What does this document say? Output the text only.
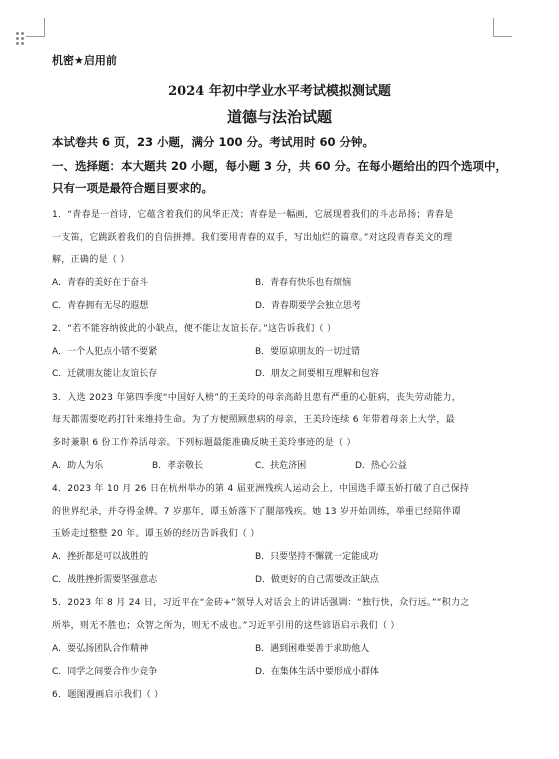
机密★启用前
2024 年初中学业水平考试模拟测试题
道德与法治试题
本试卷共 6 页，23 小题，满分 100 分。考试用时 60 分钟。
一、选择题：本大题共 20 小题，每小题 3 分，共 60 分。在每小题给出的四个选项中，
只有一项是最符合题目要求的。
1．“青春是一首诗，它蕴含着我们的风华正茂；青春是一幅画，它展现着我们的斗志昂扬；青春是
一支笛，它跳跃着我们的自信拼搏。我们要用青春的双手，写出灿烂的篇章。”对这段青春美文的理
解，正确的是（ ）
A．青春的美好在于奋斗	B．青春有快乐也有烦恼
C．青春拥有无尽的遐想	D．青春期要学会独立思考
2．“若不能容纳彼此的小缺点，便不能让友谊长存。”这告诉我们（ ）
A．一个人犯点小错不要紧	B．要原谅朋友的一切过错
C．迁就朋友能让友谊长存	D．朋友之间要相互理解和包容
3．入选 2023 年第四季度“中国好人榜”的王美玲的母亲高龄且患有严重的心脏病，丧失劳动能力，
每天都需要吃药打针来维持生命。为了方便照顾患病的母亲，王美玲连续 6 年带着母亲上大学，最
多时兼职 6 份工作养活母亲。下列标题最能准确反映王美玲事迹的是（ ）
A．助人为乐	B．孝亲敬长	C．扶危济困	D．热心公益
4．2023 年 10 月 26 日在杭州举办的第 4 届亚洲残疾人运动会上，中国选手谭玉娇打破了自己保持
的世界纪录，并夺得金牌。7 岁那年，谭玉娇落下了腿部残疾。她 13 岁开始训练，举重已经陪伴谭
玉娇走过整整 20 年。谭玉娇的经历告诉我们（ ）
A．挫折都是可以战胜的	B．只要坚持不懈就一定能成功
C．战胜挫折需要坚强意志	D．做更好的自己需要改正缺点
5．2023 年 8 月 24 日，习近平在“金砖+”领导人对话会上的讲话强调：“独行快，众行远。”“积力之
所举，则无不胜也；众智之所为，则无不成也。”习近平引用的这些谚语启示我们（ ）
A．要弘扬团队合作精神	B．遇到困难要善于求助他人
C．同学之间要合作少竞争	D．在集体生活中要形成小群体
6．题图漫画启示我们（ ）
